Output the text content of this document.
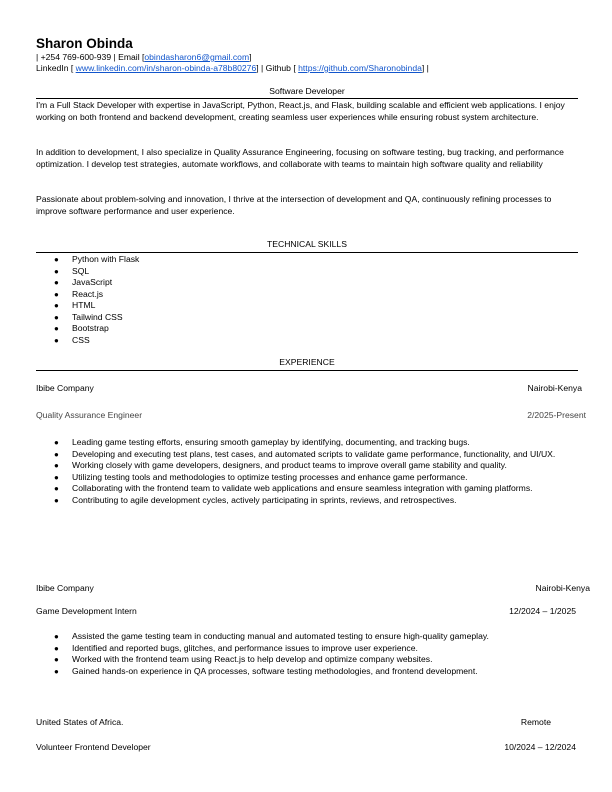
Sharon Obinda
| +254 769-600-939 | Email [obindasharon6@gmail.com]
LinkedIn [ www.linkedin.com/in/sharon-obinda-a78b80276] | Github [ https://github.com/Sharonobinda] |
Software Developer
I'm a Full Stack Developer with expertise in JavaScript, Python, React.js, and Flask, building scalable and efficient web applications. I enjoy working on both frontend and backend development, creating seamless user experiences while ensuring robust system architecture.
In addition to development, I also specialize in Quality Assurance Engineering, focusing on software testing, bug tracking, and performance optimization. I develop test strategies, automate workflows, and collaborate with teams to maintain high software quality and reliability
Passionate about problem-solving and innovation, I thrive at the intersection of development and QA, continuously refining processes to improve software performance and user experience.
TECHNICAL SKILLS
● Python with Flask
● SQL
● JavaScript
● React.js
● HTML
● Tailwind CSS
● Bootstrap
● CSS
EXPERIENCE
Ibibe Company	Nairobi-Kenya
Quality Assurance Engineer	2/2025-Present
● Leading game testing efforts, ensuring smooth gameplay by identifying, documenting, and tracking bugs.
● Developing and executing test plans, test cases, and automated scripts to validate game performance, functionality, and UI/UX.
● Working closely with game developers, designers, and product teams to improve overall game stability and quality.
● Utilizing testing tools and methodologies to optimize testing processes and enhance game performance.
● Collaborating with the frontend team to validate web applications and ensure seamless integration with gaming platforms.
● Contributing to agile development cycles, actively participating in sprints, reviews, and retrospectives.
Ibibe Company	Nairobi-Kenya
Game Development Intern	12/2024 – 1/2025
● Assisted the game testing team in conducting manual and automated testing to ensure high-quality gameplay.
● Identified and reported bugs, glitches, and performance issues to improve user experience.
● Worked with the frontend team using React.js to help develop and optimize company websites.
● Gained hands-on experience in QA processes, software testing methodologies, and frontend development.
United States of Africa.	Remote
Volunteer Frontend Developer	10/2024 – 12/2024
